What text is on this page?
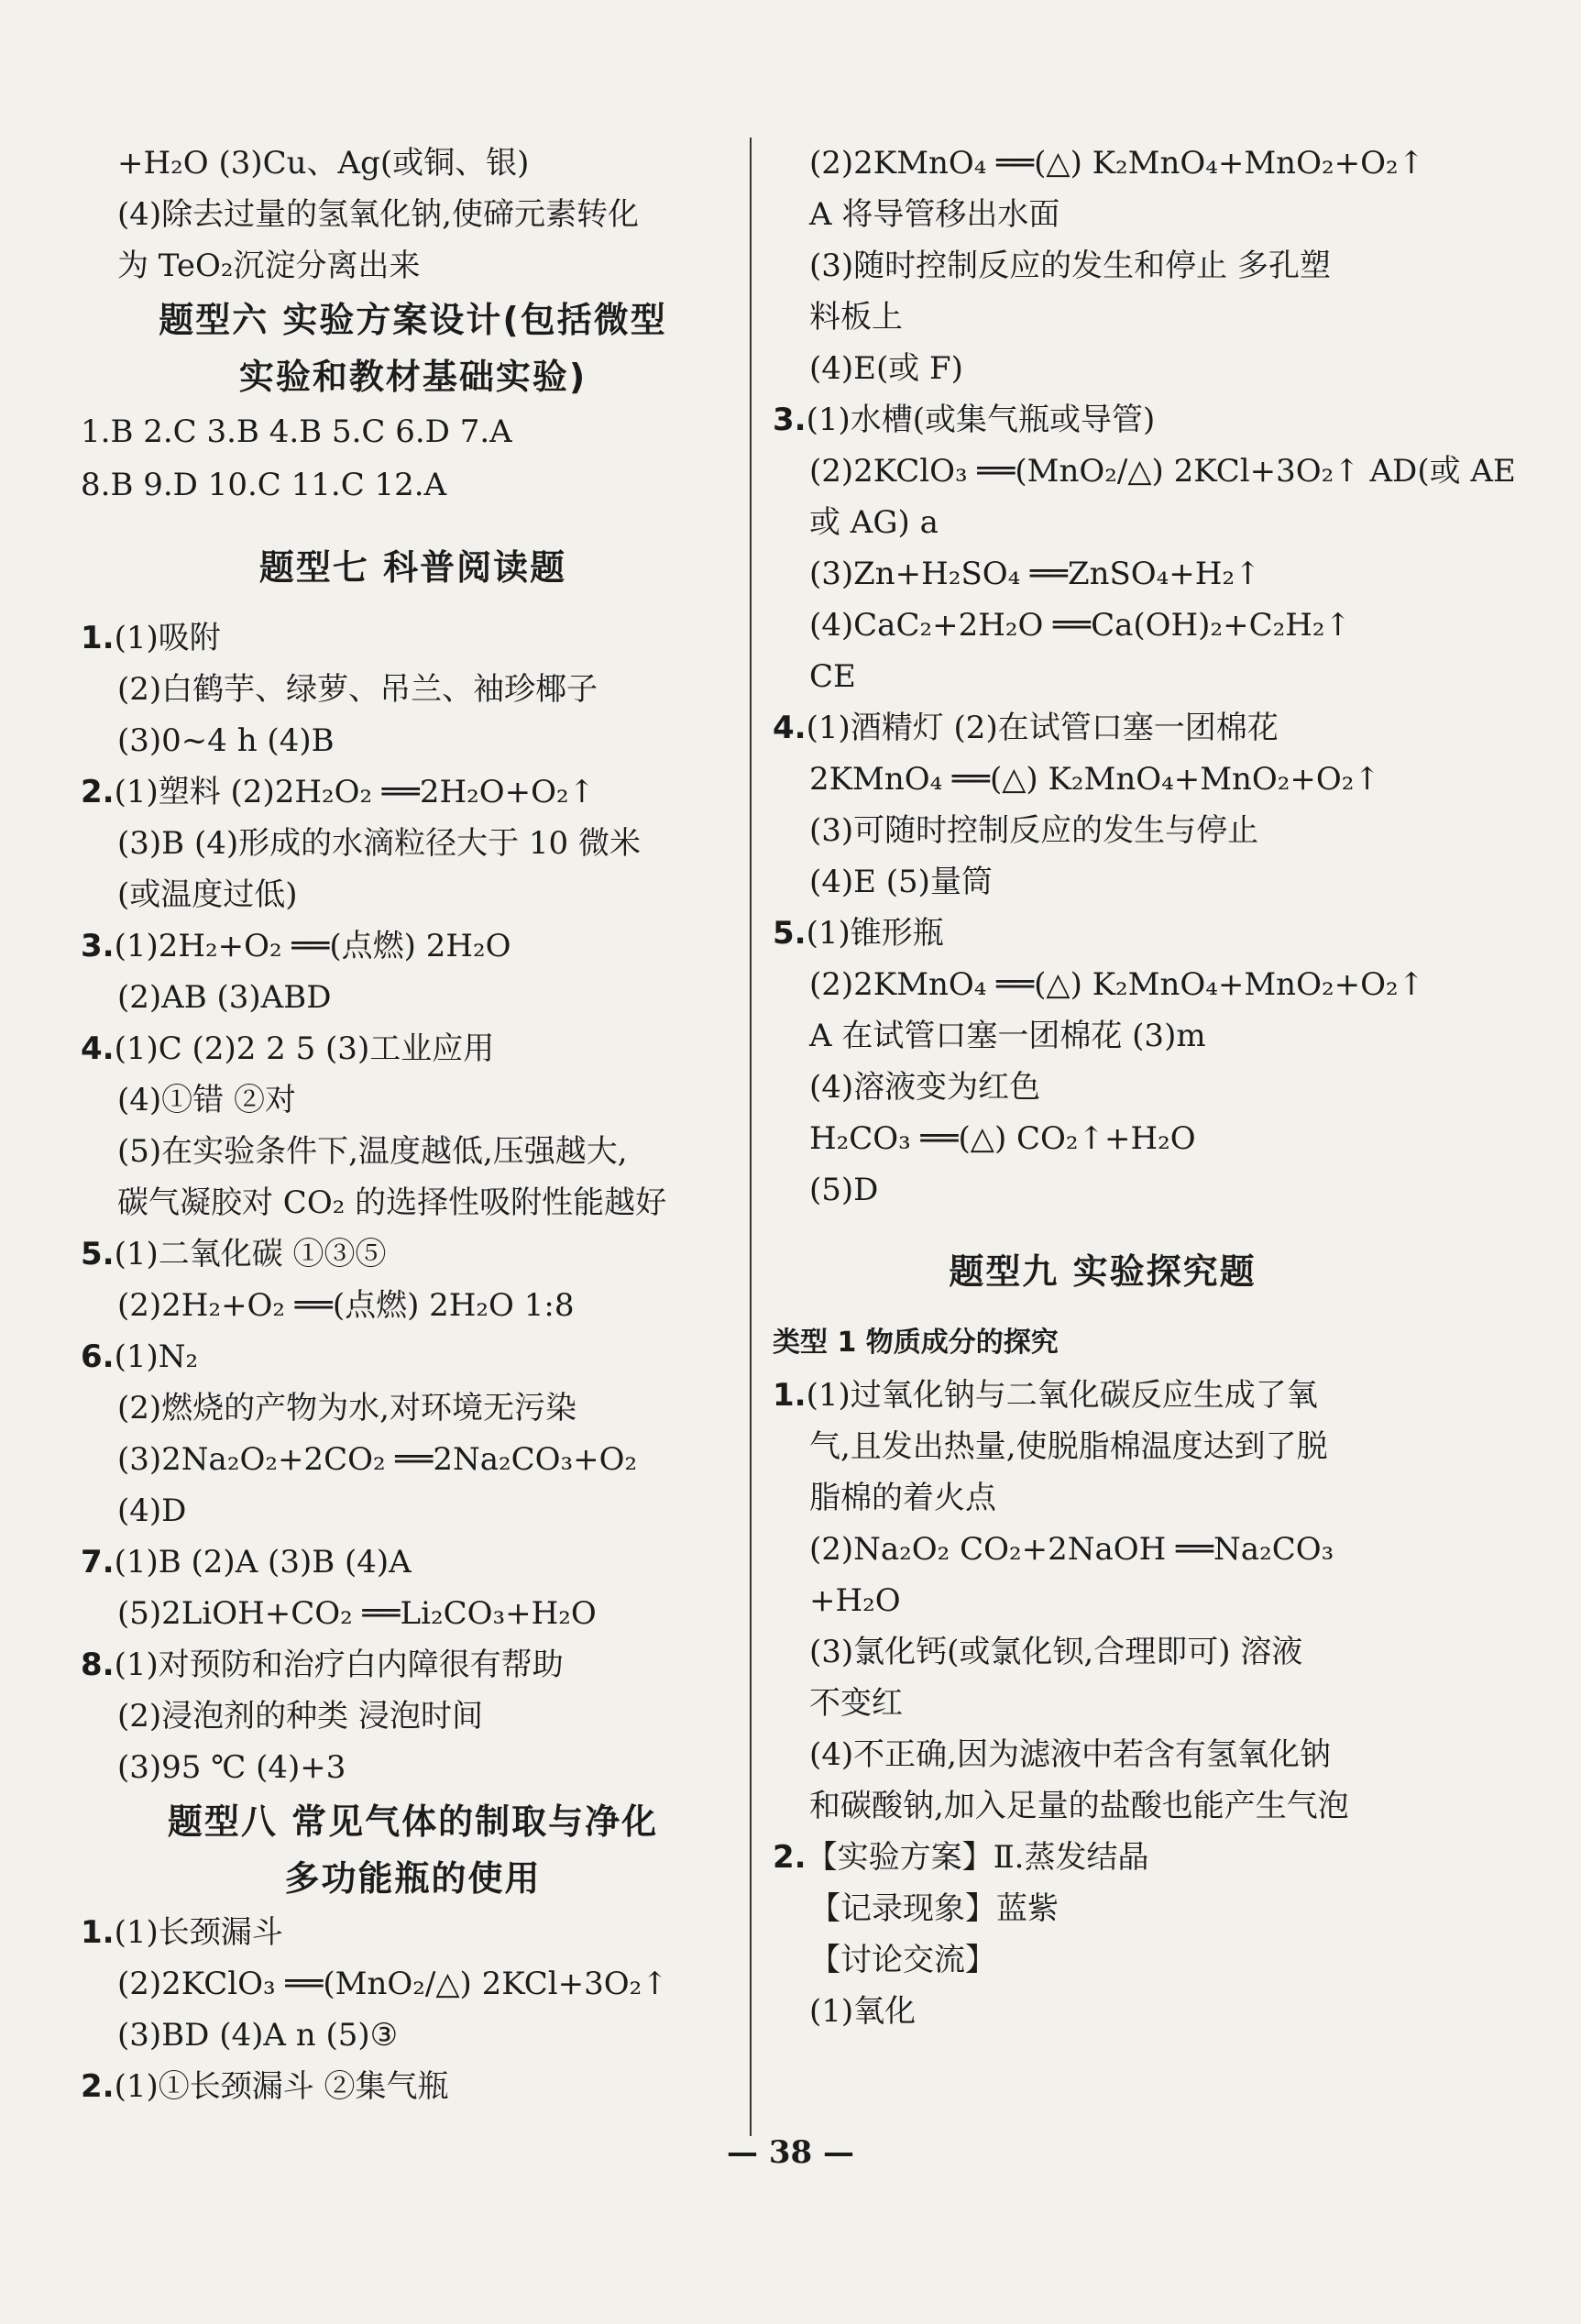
+H₂O (3)Cu、Ag(或铜、银)
(4)除去过量的氢氧化钠,使碲元素转化
为 TeO₂沉淀分离出来
题型六 实验方案设计(包括微型
实验和教材基础实验)
1.B 2.C 3.B 4.B 5.C 6.D 7.A
8.B 9.D 10.C 11.C 12.A
题型七 科普阅读题
1.(1)吸附
(2)白鹤芋、绿萝、吊兰、袖珍椰子
(3)0~4 h (4)B
2.(1)塑料 (2)2H₂O₂ ══2H₂O+O₂↑
(3)B (4)形成的水滴粒径大于 10 微米
(或温度过低)
3.(1)2H₂+O₂ ══(点燃) 2H₂O
(2)AB (3)ABD
4.(1)C (2)2 2 5 (3)工业应用
(4)①错 ②对
(5)在实验条件下,温度越低,压强越大,
碳气凝胶对 CO₂ 的选择性吸附性能越好
5.(1)二氧化碳 ①③⑤
(2)2H₂+O₂ ══(点燃) 2H₂O 1:8
6.(1)N₂
(2)燃烧的产物为水,对环境无污染
(3)2Na₂O₂+2CO₂ ══2Na₂CO₃+O₂
(4)D
7.(1)B (2)A (3)B (4)A
(5)2LiOH+CO₂ ══Li₂CO₃+H₂O
8.(1)对预防和治疗白内障很有帮助
(2)浸泡剂的种类 浸泡时间
(3)95 ℃ (4)+3
题型八 常见气体的制取与净化
多功能瓶的使用
1.(1)长颈漏斗
(2)2KClO₃ ══(MnO₂/△) 2KCl+3O₂↑
(3)BD (4)A n (5)③
2.(1)①长颈漏斗 ②集气瓶
(2)2KMnO₄ ══(△) K₂MnO₄+MnO₂+O₂↑
A 将导管移出水面
(3)随时控制反应的发生和停止 多孔塑
料板上
(4)E(或 F)
3.(1)水槽(或集气瓶或导管)
(2)2KClO₃ ══(MnO₂/△) 2KCl+3O₂↑ AD(或 AE
或 AG) a
(3)Zn+H₂SO₄ ══ZnSO₄+H₂↑
(4)CaC₂+2H₂O ══Ca(OH)₂+C₂H₂↑
CE
4.(1)酒精灯 (2)在试管口塞一团棉花
2KMnO₄ ══(△) K₂MnO₄+MnO₂+O₂↑
(3)可随时控制反应的发生与停止
(4)E (5)量筒
5.(1)锥形瓶
(2)2KMnO₄ ══(△) K₂MnO₄+MnO₂+O₂↑
A 在试管口塞一团棉花 (3)m
(4)溶液变为红色
H₂CO₃ ══(△) CO₂↑+H₂O
(5)D
题型九 实验探究题
类型 1 物质成分的探究
1.(1)过氧化钠与二氧化碳反应生成了氧
气,且发出热量,使脱脂棉温度达到了脱
脂棉的着火点
(2)Na₂O₂ CO₂+2NaOH ══Na₂CO₃
+H₂O
(3)氯化钙(或氯化钡,合理即可) 溶液
不变红
(4)不正确,因为滤液中若含有氢氧化钠
和碳酸钠,加入足量的盐酸也能产生气泡
2.【实验方案】Ⅱ.蒸发结晶
【记录现象】蓝紫
【讨论交流】
(1)氧化
— 38 —
